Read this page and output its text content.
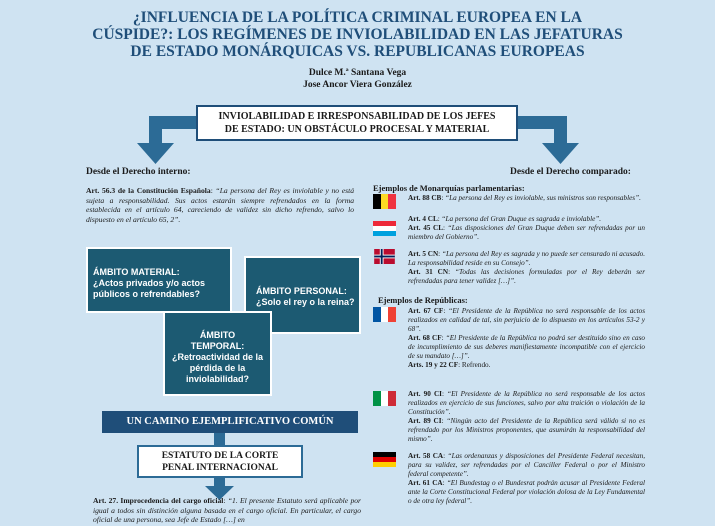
¿INFLUENCIA DE LA POLÍTICA CRIMINAL EUROPEA EN LA
CÚSPIDE?: LOS REGÍMENES DE INVIOLABILIDAD EN LAS JEFATURAS
DE ESTADO MONÁRQUICAS VS. REPUBLICANAS EUROPEAS
Dulce M.ª Santana Vega
Jose Ancor Viera González
INVIOLABILIDAD E IRRESPONSABILIDAD DE LOS JEFES
DE ESTADO: UN OBSTÁCULO PROCESAL Y MATERIAL
Desde el Derecho interno:
Art. 56.3 de la Constitución Española: “La persona del Rey es inviolable y no está sujeta a responsabilidad. Sus actos estarán siempre refrendados en la forma establecida en el artículo 64, careciendo de validez sin dicho refrendo, salvo lo dispuesto en el artículo 65, 2”.
ÁMBITO MATERIAL:
¿Actos privados y/o actos públicos o refrendables?	ÁMBITO PERSONAL:
¿Solo el rey o la reina?
ÁMBITO
TEMPORAL:
¿Retroactividad de la pérdida de la inviolabilidad?
UN CAMINO EJEMPLIFICATIVO COMÚN
ESTATUTO DE LA CORTE
PENAL INTERNACIONAL
Art. 27. Improcedencia del cargo oficial: “1. El presente Estatuto será aplicable por igual a todos sin distinción alguna basada en el cargo oficial. En particular, el cargo oficial de una persona, sea Jefe de Estado […] en
Desde el Derecho comparado:
Ejemplos de Monarquías parlamentarias:
Art. 88 CB: “La persona del Rey es inviolable, sus ministros son responsables”.
Art. 4 CL: “La persona del Gran Duque es sagrada e inviolable”.
Art. 45 CL: “Las disposiciones del Gran Duque deben ser refrendadas por un miembro del Gobierno”.
Art. 5 CN: “La persona del Rey es sagrada y no puede ser censurado ni acusado. La responsabilidad reside en su Consejo”.
Art. 31 CN: “Todas las decisiones formuladas por el Rey deberán ser refrendadas para tener validez […]”.
Ejemplos de Repúblicas:
Art. 67 CF: “El Presidente de la República no será responsable de los actos realizados en calidad de tal, sin perjuicio de lo dispuesto en los artículos 53-2 y 68”.
Art. 68 CF: “El Presidente de la República no podrá ser destituido sino en caso de incumplimiento de sus deberes manifiestamente incompatible con el ejercicio de su mandato […]”.
Arts. 19 y 22 CF: Refrendo.
Art. 90 CI: “El Presidente de la República no será responsable de los actos realizados en ejercicio de sus funciones, salvo por alta traición o violación de la Constitución”.
Art. 89 CI: “Ningún acto del Presidente de la República será válido si no es refrendado por los Ministros proponentes, que asumirán la responsabilidad del mismo”.
Art. 58 CA: “Las ordenanzas y disposiciones del Presidente Federal necesitan, para su validez, ser refrendadas por el Canciller Federal o por el Ministro federal competente”.
Art. 61 CA: “El Bundestag o el Bundesrat podrán acusar al Presidente Federal ante la Corte Constitucional Federal por violación dolosa de la Ley Fundamental o de otra ley federal”.
